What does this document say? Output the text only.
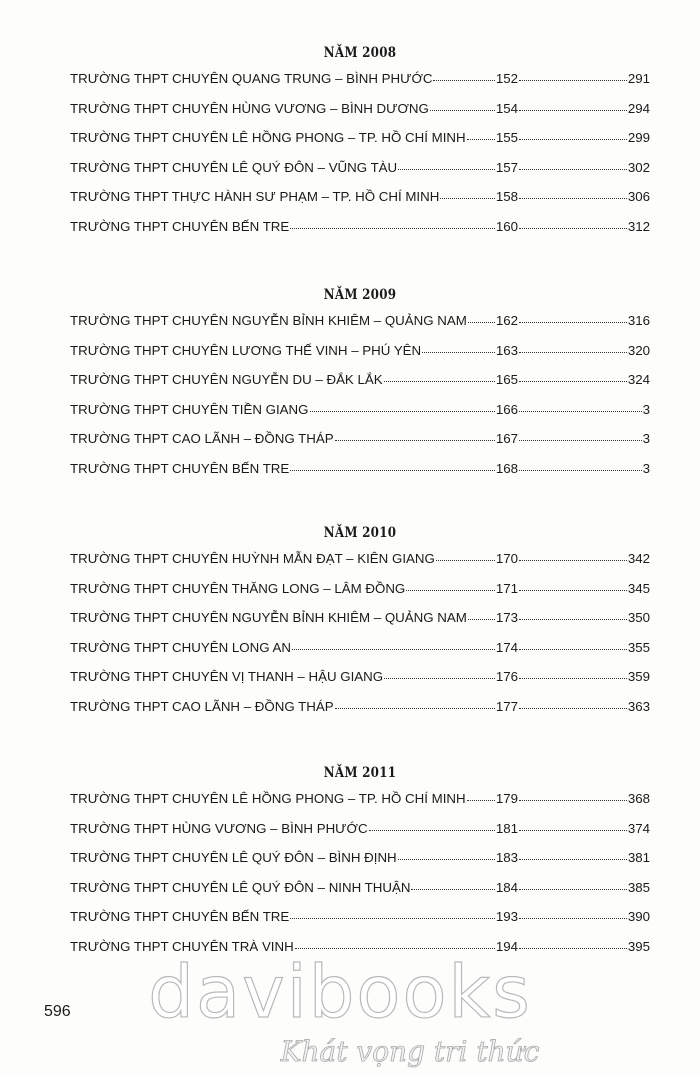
NĂM 2008
TRƯỜNG THPT CHUYÊN QUANG TRUNG – BÌNH PHƯỚC	152	291
TRƯỜNG THPT CHUYÊN HÙNG VƯƠNG – BÌNH DƯƠNG	154	294
TRƯỜNG THPT CHUYÊN LÊ HỒNG PHONG – TP. HỒ CHÍ MINH 155	299
TRƯỜNG THPT CHUYÊN LÊ QUÝ ĐÔN – VŨNG TÀU	157	302
TRƯỜNG THPT THỰC HÀNH SƯ PHẠM – TP. HỒ CHÍ MINH	158	306
TRƯỜNG THPT CHUYÊN BẾN TRE	160	312
NĂM 2009
TRƯỜNG THPT CHUYÊN NGUYỄN BỈNH KHIÊM – QUẢNG NAM 162	316
TRƯỜNG THPT CHUYÊN LƯƠNG THẾ VINH – PHÚ YÊN	163	320
TRƯỜNG THPT CHUYÊN NGUYỄN DU – ĐẮK LẮK	165	324
TRƯỜNG THPT CHUYÊN TIỀN GIANG	166	3
TRƯỜNG THPT CAO LÃNH – ĐỒNG THÁP	167	3
TRƯỜNG THPT CHUYÊN BẾN TRE	168	3
NĂM 2010
TRƯỜNG THPT CHUYÊN HUỲNH MẪN ĐẠT – KIÊN GIANG	170	342
TRƯỜNG THPT CHUYÊN THĂNG LONG – LÂM ĐỒNG	171	345
TRƯỜNG THPT CHUYÊN NGUYỄN BỈNH KHIÊM – QUẢNG NAM 173	350
TRƯỜNG THPT CHUYÊN LONG AN	174	355
TRƯỜNG THPT CHUYÊN VỊ THANH – HẬU GIANG	176	359
TRƯỜNG THPT CAO LÃNH – ĐỒNG THÁP	177	363
NĂM 2011
TRƯỜNG THPT CHUYÊN LÊ HỒNG PHONG – TP. HỒ CHÍ MINH 179	368
TRƯỜNG THPT HÙNG VƯƠNG – BÌNH PHƯỚC	181	374
TRƯỜNG THPT CHUYÊN LÊ QUÝ ĐÔN – BÌNH ĐỊNH	183	381
TRƯỜNG THPT CHUYÊN LÊ QUÝ ĐÔN – NINH THUẬN	184	385
TRƯỜNG THPT CHUYÊN BẾN TRE	193	390
TRƯỜNG THPT CHUYÊN TRÀ VINH	194	395
596	davibooks
Khát vọng tri thức
